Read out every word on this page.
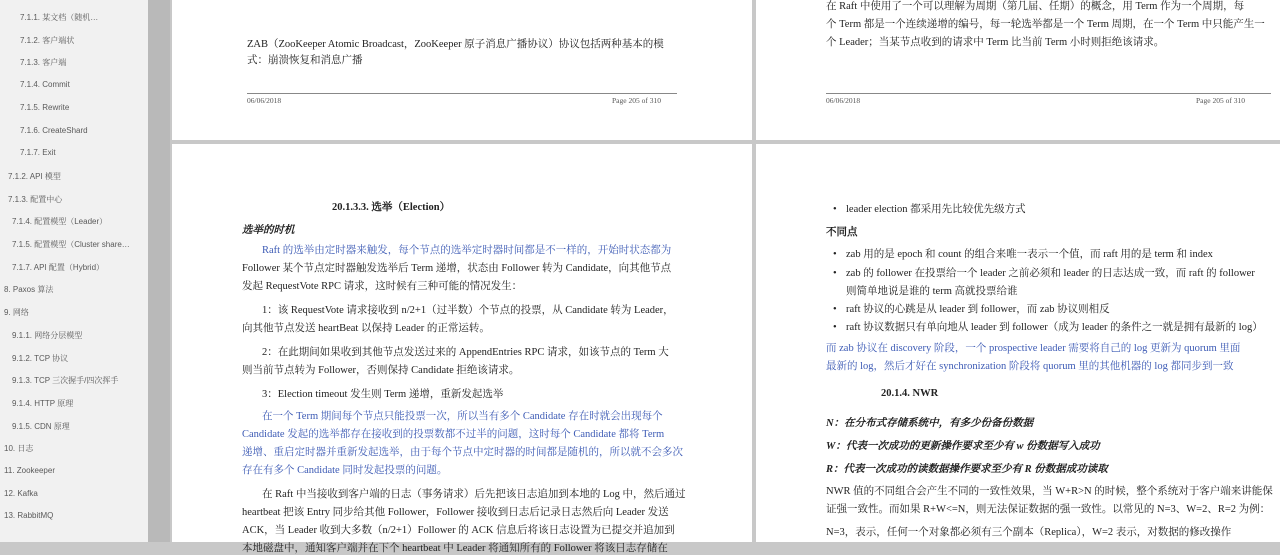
7.1.1. 某文档（随机…
7.1.2. 客户端状
7.1.3. 客户端
7.1.4. Commit
7.1.5. Rewrite
7.1.6. CreateShard
7.1.7. Exit
7.1.2. API 模型
7.1.3. 配置中心
7.1.4. 配置模型（Leader）
7.1.5. 配置模型（Cluster share…
7.1.7. API 配置（Hybrid）
8. Paxos 算法
9. 网络
9.1.1. 网络分层模型
9.1.2. TCP 协议
9.1.3. TCP 三次握手/四次挥手
9.1.4. HTTP 原理
9.1.5. CDN 原理
10. 日志
11. Zookeeper
12. Kafka
13. RabbitMQ
ZAB（ZooKeeper Atomic Broadcast，ZooKeeper 原子消息广播协议）协议包括两种基本的模
式：崩溃恢复和消息广播
06/06/2018	Page 205 of 310
在 Raft 中使用了一个可以理解为周期（第几届、任期）的概念，用 Term 作为一个周期，每
个 Term 都是一个连续递增的编号，每一轮选举都是一个 Term 周期，在一个 Term 中只能产生一
个 Leader；当某节点收到的请求中 Term 比当前 Term 小时则拒绝该请求。
06/06/2018	Page 205 of 310
20.1.3.3. 选举（Election）
选举的时机
Raft 的选举由定时器来触发，每个节点的选举定时器时间都是不一样的，开始时状态都为
Follower 某个节点定时器触发选举后 Term 递增，状态由 Follower 转为 Candidate，向其他节点
发起 RequestVote RPC 请求，这时候有三种可能的情况发生：
1：该 RequestVote 请求接收到 n/2+1（过半数）个节点的投票，从 Candidate 转为 Leader，
向其他节点发送 heartBeat 以保持 Leader 的正常运转。
2：在此期间如果收到其他节点发送过来的 AppendEntries RPC 请求，如该节点的 Term 大
则当前节点转为 Follower，否则保持 Candidate 拒绝该请求。
3：Election timeout 发生则 Term 递增，重新发起选举
在一个 Term 期间每个节点只能投票一次，所以当有多个 Candidate 存在时就会出现每个
Candidate 发起的选举都存在接收到的投票数都不过半的问题，这时每个 Candidate 都将 Term
递增、重启定时器并重新发起选举，由于每个节点中定时器的时间都是随机的，所以就不会多次
存在有多个 Candidate 同时发起投票的问题。
在 Raft 中当接收到客户端的日志（事务请求）后先把该日志追加到本地的 Log 中，然后通过
heartbeat 把该 Entry 同步给其他 Follower，Follower 接收到日志后记录日志然后向 Leader 发送
ACK，当 Leader 收到大多数（n/2+1）Follower 的 ACK 信息后将该日志设置为已提交并追加到
本地磁盘中，通知客户端并在下个 heartbeat 中 Leader 将通知所有的 Follower 将该日志存储在
• leader election 都采用先比较优先级方式
不同点
• zab 用的是 epoch 和 count 的组合来唯一表示一个值，而 raft 用的是 term 和 index
• zab 的 follower 在投票给一个 leader 之前必须和 leader 的日志达成一致，而 raft 的 follower
则简单地说是谁的 term 高就投票给谁
• raft 协议的心跳是从 leader 到 follower，而 zab 协议则相反
• raft 协议数据只有单向地从 leader 到 follower（成为 leader 的条件之一就是拥有最新的 log）
而 zab 协议在 discovery 阶段，一个 prospective leader 需要将自己的 log 更新为 quorum 里面
最新的 log，然后才好在 synchronization 阶段将 quorum 里的其他机器的 log 都同步到一致
20.1.4. NWR
N：在分布式存储系统中，有多少份备份数据
W：代表一次成功的更新操作要求至少有 w 份数据写入成功
R：代表一次成功的读数据操作要求至少有 R 份数据成功读取
NWR 值的不同组合会产生不同的一致性效果，当 W+R>N 的时候，整个系统对于客户端来讲能保
证强一致性。而如果 R+W<=N，则无法保证数据的强一致性。以常见的 N=3、W=2、R=2 为例：
N=3，表示，任何一个对象都必须有三个副本（Replica），W=2 表示，对数据的修改操作
